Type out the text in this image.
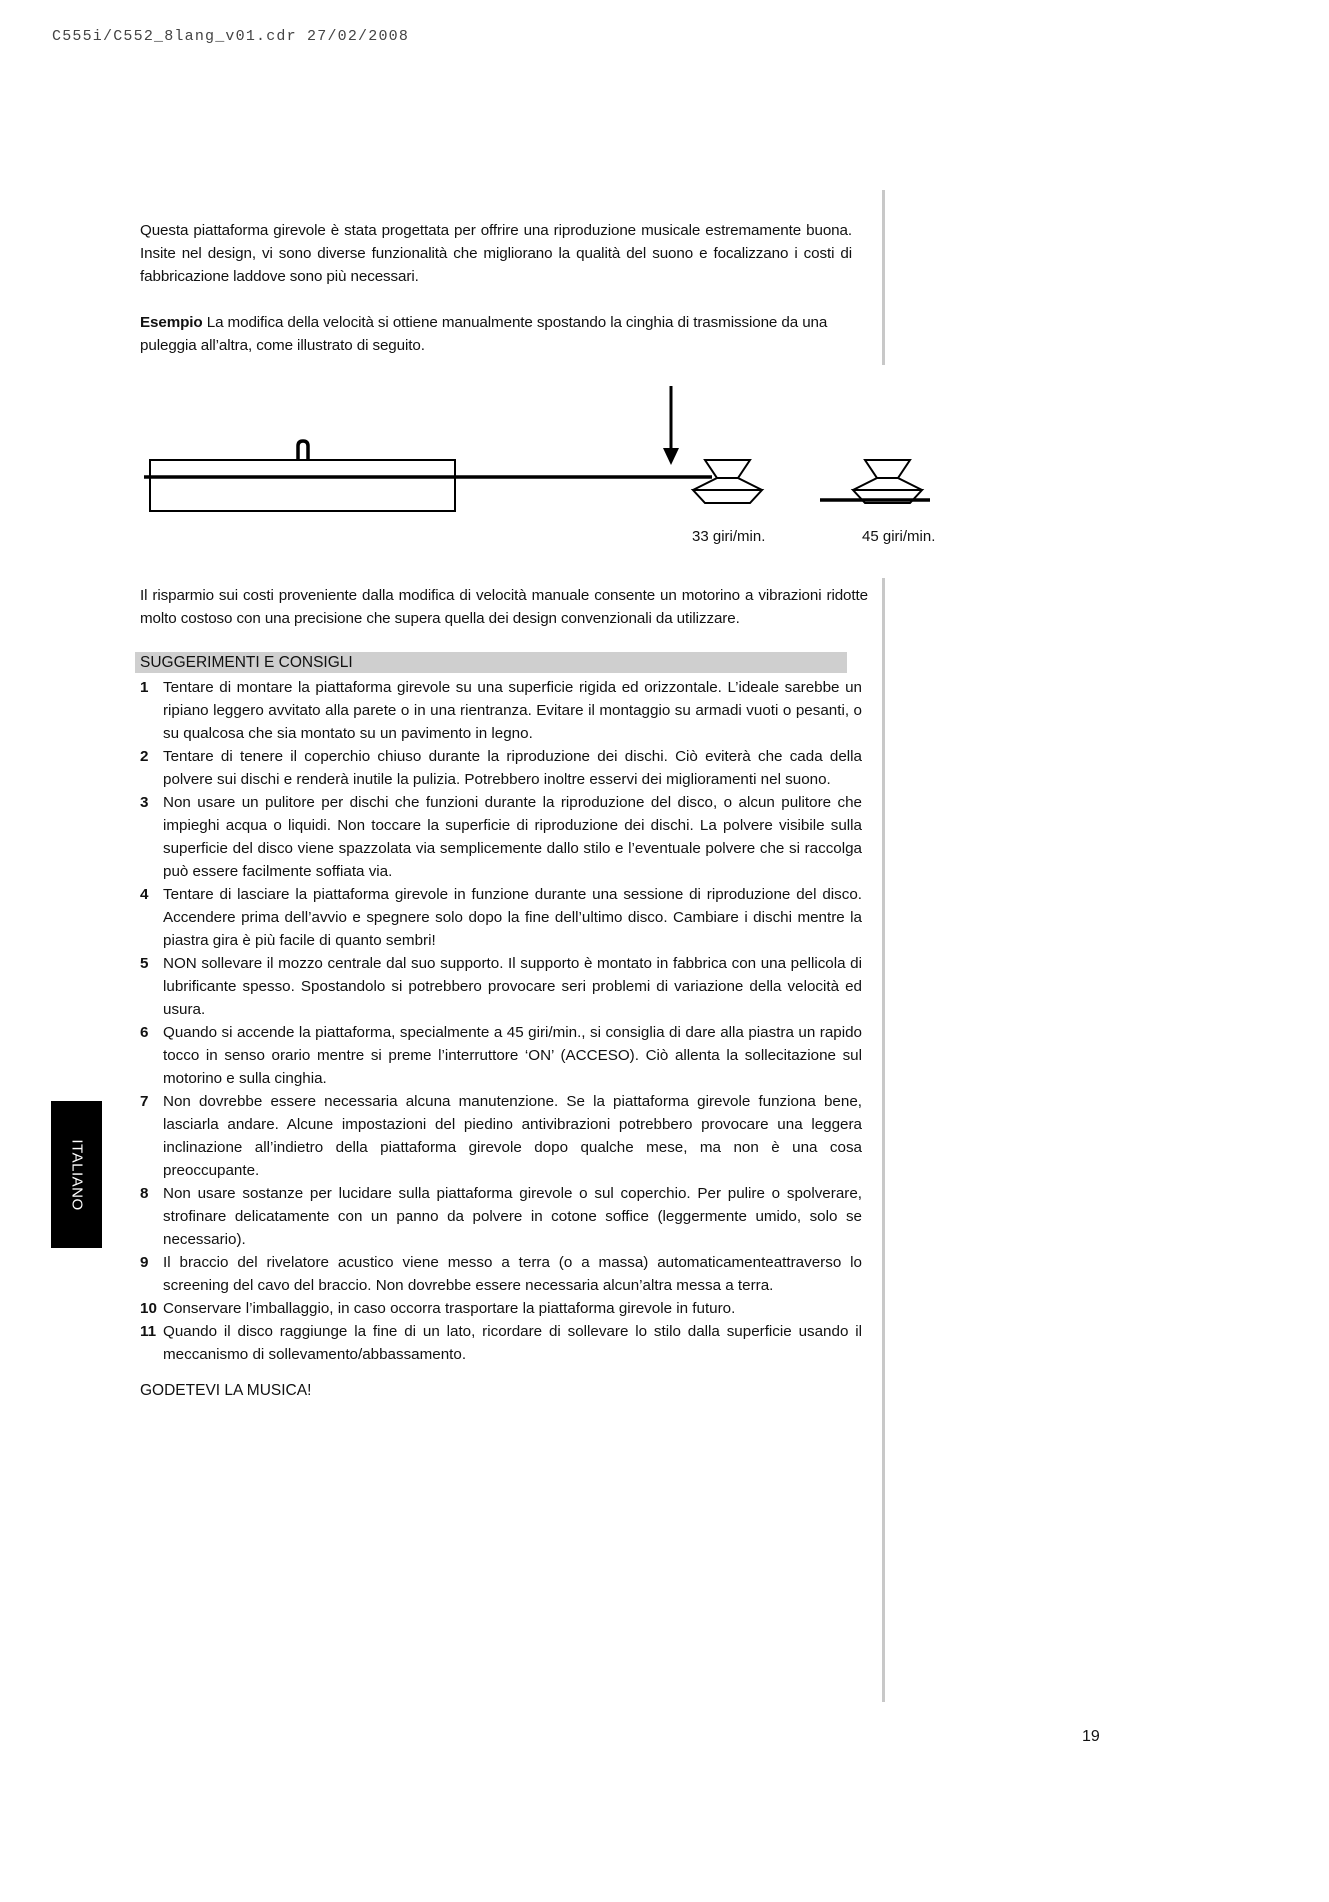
C555i/C552_8lang_v01.cdr 27/02/2008

Questa piattaforma girevole è stata progettata per offrire una riproduzione musicale estremamente buona. Insite nel design, vi sono diverse funzionalità che migliorano la qualità del suono e focalizzano i costi di fabbricazione laddove sono più necessari.

Esempio La modifica della velocità si ottiene manualmente spostando la cinghia di trasmissione da una puleggia all’altra, come illustrato di seguito.

33 giri/min.	45 giri/min.

Il risparmio sui costi proveniente dalla modifica di velocità manuale consente un motorino a vibrazioni ridotte molto costoso con una precisione che supera quella dei design convenzionali da utilizzare.

SUGGERIMENTI E CONSIGLI
1 Tentare di montare la piattaforma girevole su una superficie rigida ed orizzontale. L’ideale sarebbe un ripiano leggero avvitato alla parete o in una rientranza. Evitare il montaggio su armadi vuoti o pesanti, o su qualcosa che sia montato su un pavimento in legno.
2 Tentare di tenere il coperchio chiuso durante la riproduzione dei dischi. Ciò eviterà che cada della polvere sui dischi e renderà inutile la pulizia. Potrebbero inoltre esservi dei miglioramenti nel suono.
3 Non usare un pulitore per dischi che funzioni durante la riproduzione del disco, o alcun pulitore che impieghi acqua o liquidi. Non toccare la superficie di riproduzione dei dischi. La polvere visibile sulla superficie del disco viene spazzolata via semplicemente dallo stilo e l’eventuale polvere che si raccolga può essere facilmente soffiata via.
4 Tentare di lasciare la piattaforma girevole in funzione durante una sessione di riproduzione del disco. Accendere prima dell’avvio e spegnere solo dopo la fine dell’ultimo disco. Cambiare i dischi mentre la piastra gira è più facile di quanto sembri!
5 NON sollevare il mozzo centrale dal suo supporto. Il supporto è montato in fabbrica con una pellicola di lubrificante spesso. Spostandolo si potrebbero provocare seri problemi di variazione della velocità ed usura.
6 Quando si accende la piattaforma, specialmente a 45 giri/min., si consiglia di dare alla piastra un rapido tocco in senso orario mentre si preme l’interruttore ‘ON’ (ACCESO). Ciò allenta la sollecitazione sul motorino e sulla cinghia.
7 Non dovrebbe essere necessaria alcuna manutenzione. Se la piattaforma girevole funziona bene, lasciarla andare. Alcune impostazioni del piedino antivibrazioni potrebbero provocare una leggera inclinazione all’indietro della piattaforma girevole dopo qualche mese, ma non è una cosa preoccupante.
8 Non usare sostanze per lucidare sulla piattaforma girevole o sul coperchio. Per pulire o spolverare, strofinare delicatamente con un panno da polvere in cotone soffice (leggermente umido, solo se necessario).
9 Il braccio del rivelatore acustico viene messo a terra (o a massa) automaticamenteattraverso lo screening del cavo del braccio. Non dovrebbe essere necessaria alcun’altra messa a terra.
10 Conservare l’imballaggio, in caso occorra trasportare la piattaforma girevole in futuro.
11 Quando il disco raggiunge la fine di un lato, ricordare di sollevare lo stilo dalla superficie usando il meccanismo di sollevamento/abbassamento.
GODETEVI LA MUSICA!
ITALIANO
19
